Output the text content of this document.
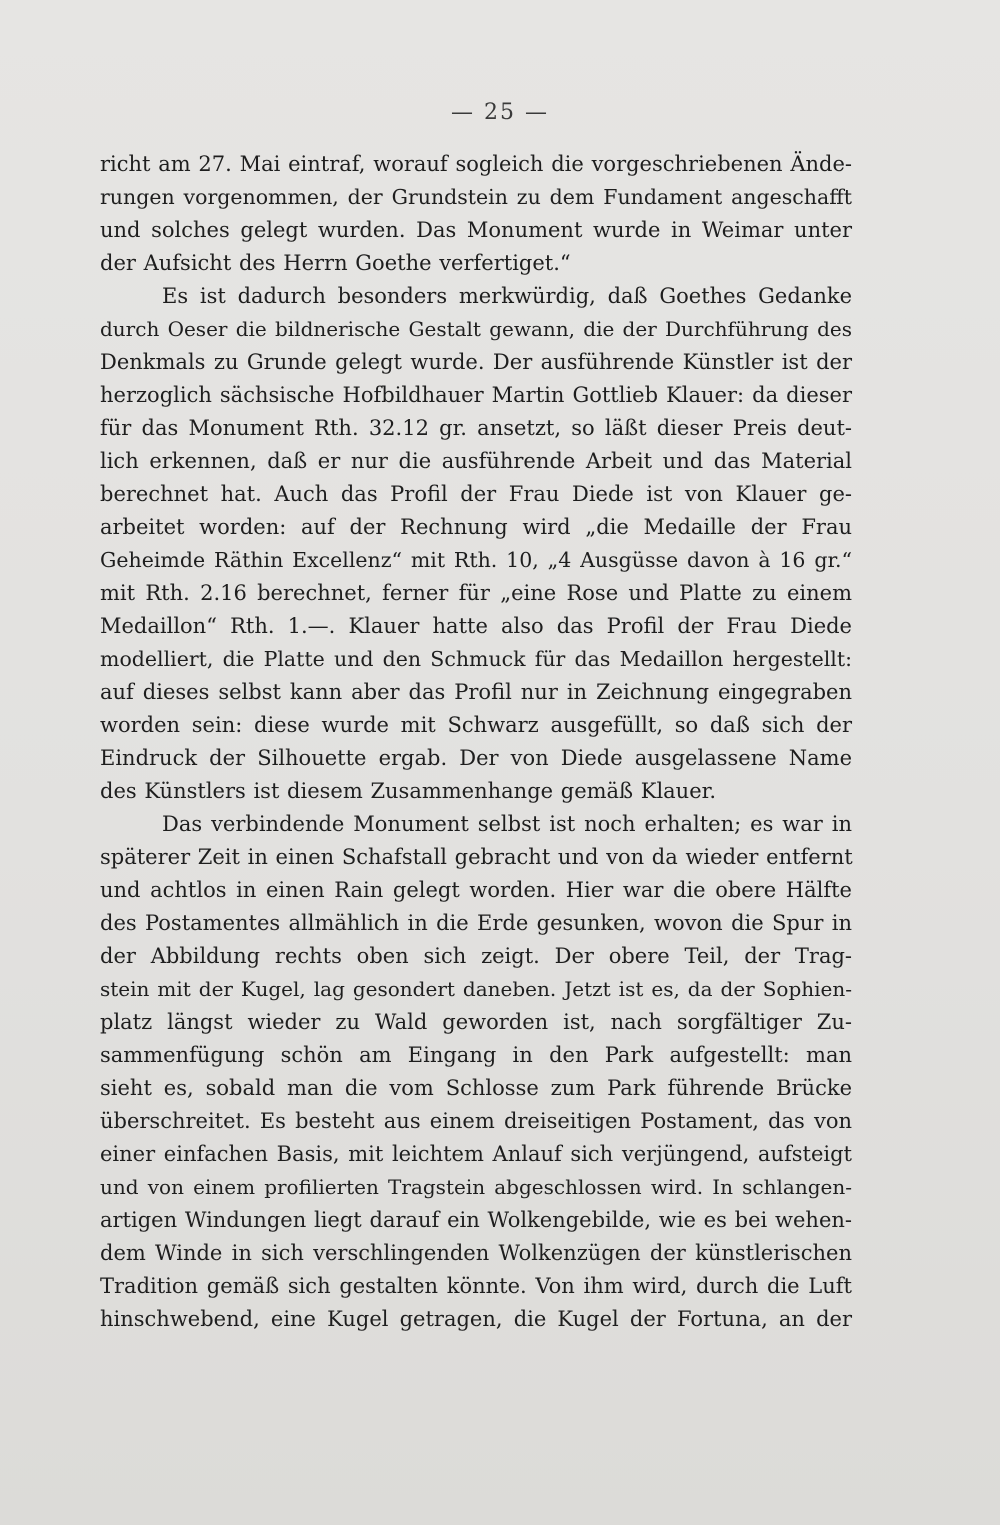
— 25 —
richt am 27. Mai eintraf, worauf sogleich die vorgeschriebenen Ände-
rungen vorgenommen, der Grundstein zu dem Fundament angeschafft
und solches gelegt wurden. Das Monument wurde in Weimar unter
der Aufsicht des Herrn Goethe verfertiget.“
Es ist dadurch besonders merkwürdig, daß Goethes Gedanke
durch Oeser die bildnerische Gestalt gewann, die der Durchführung des
Denkmals zu Grunde gelegt wurde. Der ausführende Künstler ist der
herzoglich sächsische Hofbildhauer Martin Gottlieb Klauer: da dieser
für das Monument Rth. 32.12 gr. ansetzt, so läßt dieser Preis deut-
lich erkennen, daß er nur die ausführende Arbeit und das Material
berechnet hat. Auch das Profil der Frau Diede ist von Klauer ge-
arbeitet worden: auf der Rechnung wird „die Medaille der Frau
Geheimde Räthin Excellenz“ mit Rth. 10, „4 Ausgüsse davon à 16 gr.“
mit Rth. 2.16 berechnet, ferner für „eine Rose und Platte zu einem
Medaillon“ Rth. 1.—. Klauer hatte also das Profil der Frau Diede
modelliert, die Platte und den Schmuck für das Medaillon hergestellt:
auf dieses selbst kann aber das Profil nur in Zeichnung eingegraben
worden sein: diese wurde mit Schwarz ausgefüllt, so daß sich der
Eindruck der Silhouette ergab. Der von Diede ausgelassene Name
des Künstlers ist diesem Zusammenhange gemäß Klauer.
Das verbindende Monument selbst ist noch erhalten; es war in
späterer Zeit in einen Schafstall gebracht und von da wieder entfernt
und achtlos in einen Rain gelegt worden. Hier war die obere Hälfte
des Postamentes allmählich in die Erde gesunken, wovon die Spur in
der Abbildung rechts oben sich zeigt. Der obere Teil, der Trag-
stein mit der Kugel, lag gesondert daneben. Jetzt ist es, da der Sophien-
platz längst wieder zu Wald geworden ist, nach sorgfältiger Zu-
sammenfügung schön am Eingang in den Park aufgestellt: man
sieht es, sobald man die vom Schlosse zum Park führende Brücke
überschreitet. Es besteht aus einem dreiseitigen Postament, das von
einer einfachen Basis, mit leichtem Anlauf sich verjüngend, aufsteigt
und von einem profilierten Tragstein abgeschlossen wird. In schlangen-
artigen Windungen liegt darauf ein Wolkengebilde, wie es bei wehen-
dem Winde in sich verschlingenden Wolkenzügen der künstlerischen
Tradition gemäß sich gestalten könnte. Von ihm wird, durch die Luft
hinschwebend, eine Kugel getragen, die Kugel der Fortuna, an der
